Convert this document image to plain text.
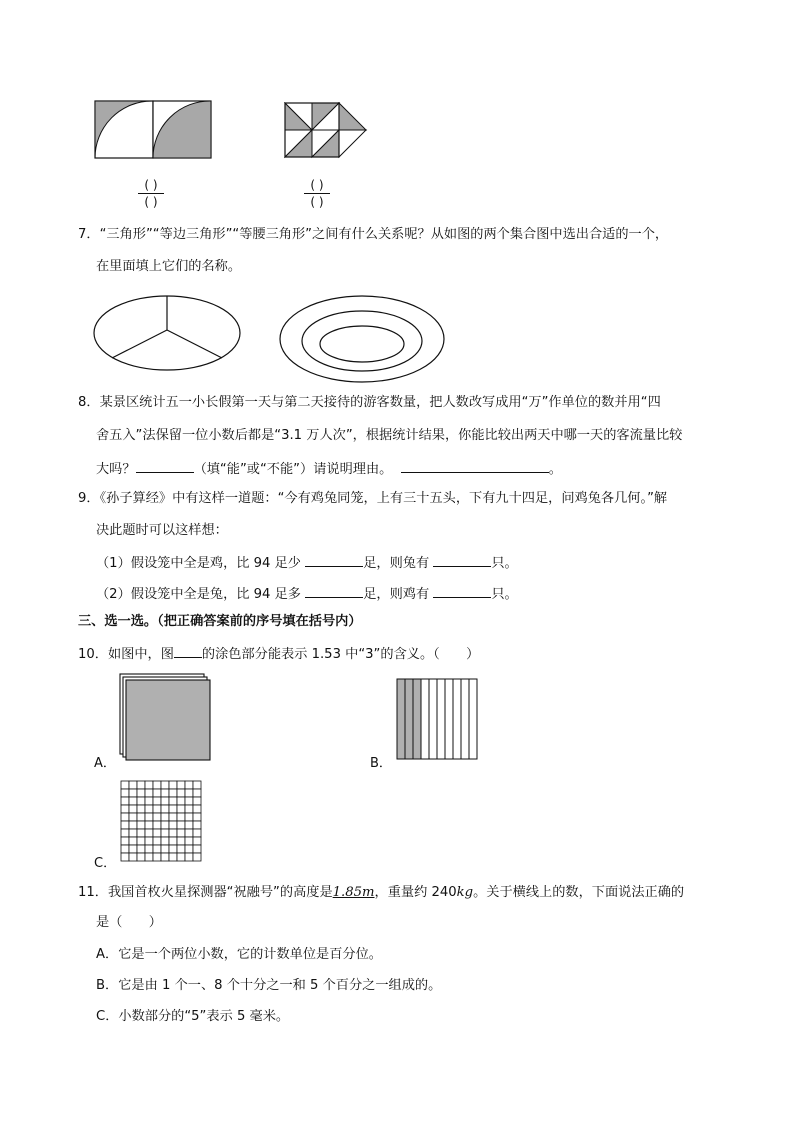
( )
( )
( )
( )
7．“三角形”“等边三角形”“等腰三角形”之间有什么关系呢？从如图的两个集合图中选出合适的一个，
在里面填上它们的名称。
8．某景区统计五一小长假第一天与第二天接待的游客数量，把人数改写成用“万”作单位的数并用“四
舍五入”法保留一位小数后都是“3.1 万人次”，根据统计结果，你能比较出两天中哪一天的客流量比较
大吗？	（填“能”或“不能”）请说明理由。	。
9．《孙子算经》中有这样一道题：“今有鸡兔同笼，上有三十五头，下有九十四足，问鸡兔各几何。”解
决此题时可以这样想：
（1）假设笼中全是鸡，比 94 足少	足，则兔有	只。
（2）假设笼中全是兔，比 94 足多	足，则鸡有	只。
三、选一选。（把正确答案前的序号填在括号内）
10．如图中，图 的涂色部分能表示 1.53 中“3”的含义。（　　）
A．	B．
C．
11．我国首枚火星探测器“祝融号”的高度是1.85m，重量约 240kg。关于横线上的数，下面说法正确的
是（　　）
A．它是一个两位小数，它的计数单位是百分位。
B．它是由 1 个一、8 个十分之一和 5 个百分之一组成的。
C．小数部分的“5”表示 5 毫米。
